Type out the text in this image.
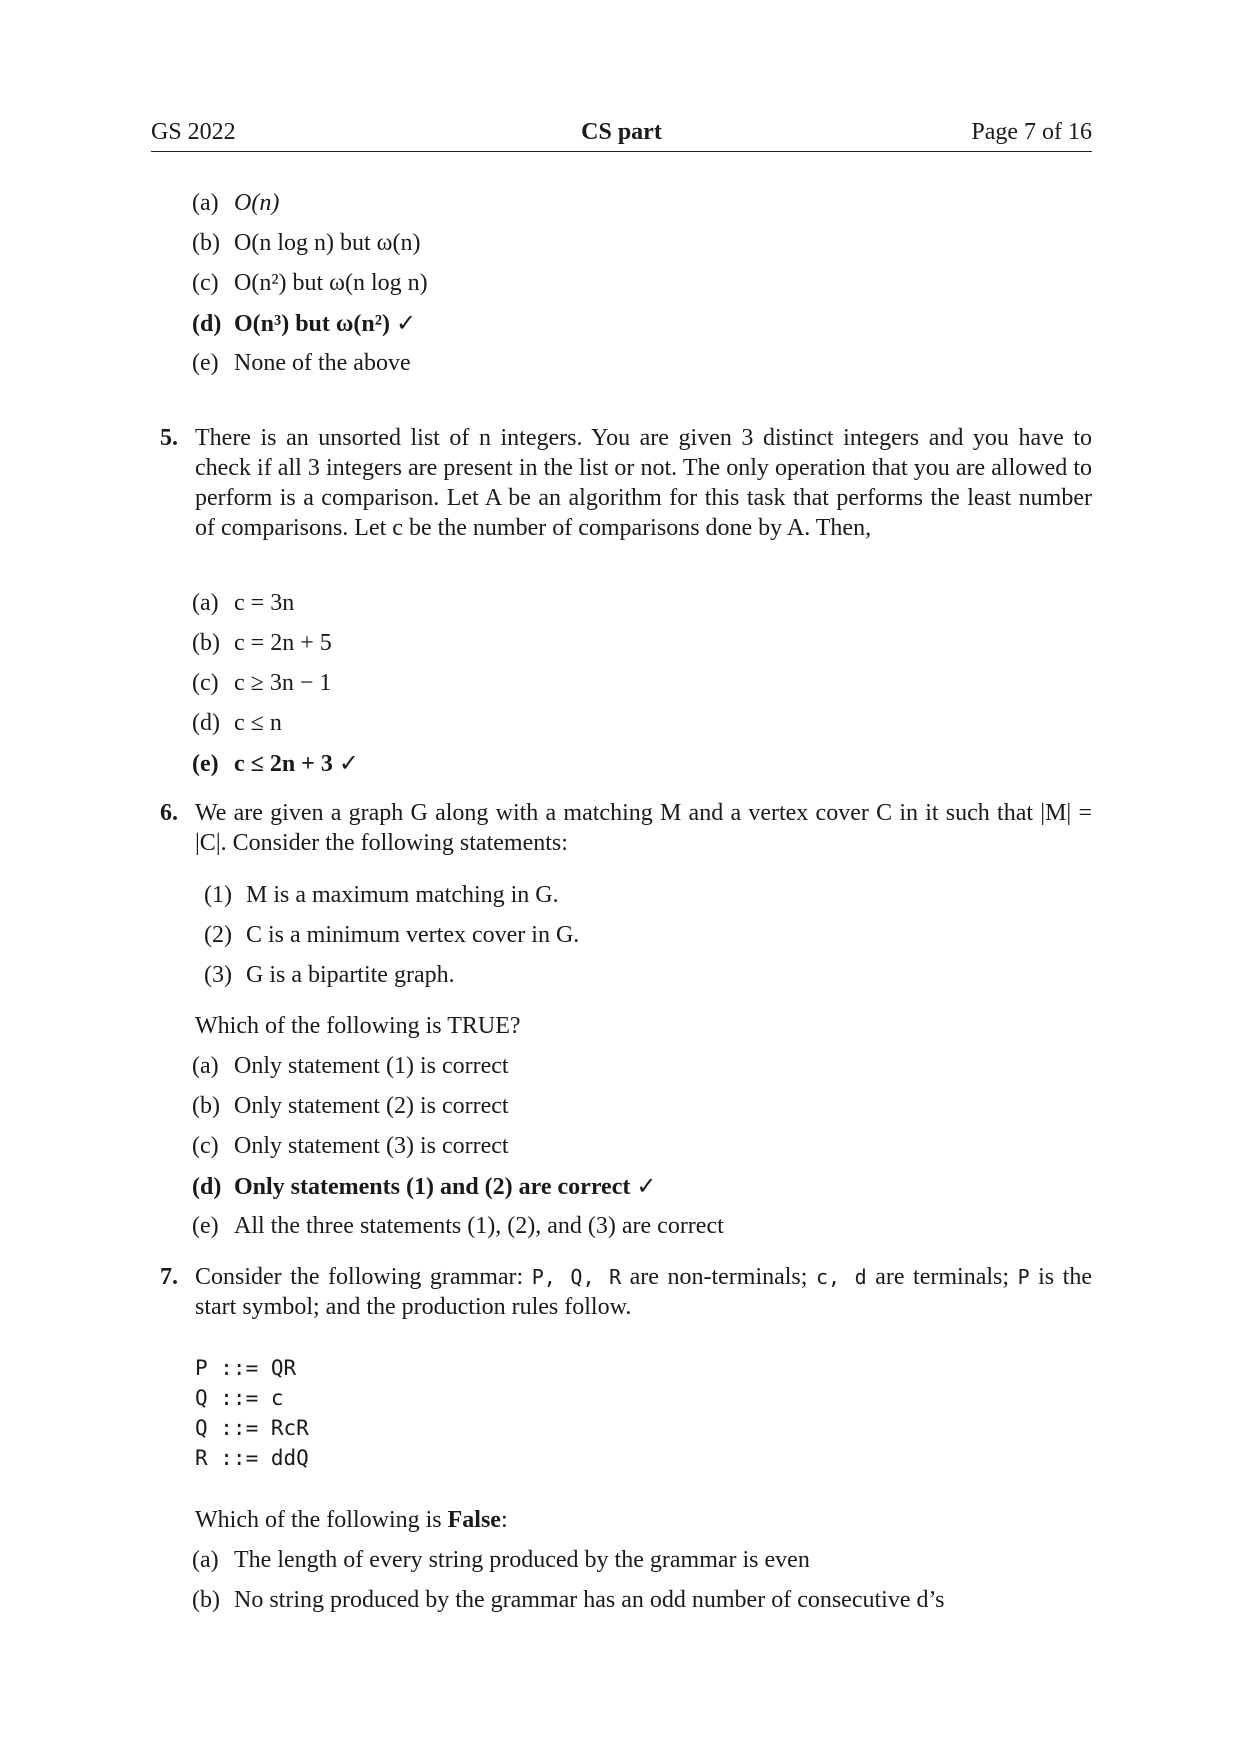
GS 2022	CS part	Page 7 of 16
(a) O(n)
(b) O(n log n) but ω(n)
(c) O(n²) but ω(n log n)
(d) O(n³) but ω(n²) ✓
(e) None of the above
5. There is an unsorted list of n integers. You are given 3 distinct integers and you have to check if all 3 integers are present in the list or not. The only operation that you are allowed to perform is a comparison. Let A be an algorithm for this task that performs the least number of comparisons. Let c be the number of comparisons done by A. Then,
(a) c = 3n
(b) c = 2n + 5
(c) c ≥ 3n − 1
(d) c ≤ n
(e) c ≤ 2n + 3 ✓
6. We are given a graph G along with a matching M and a vertex cover C in it such that |M| = |C|. Consider the following statements:
(1) M is a maximum matching in G.
(2) C is a minimum vertex cover in G.
(3) G is a bipartite graph.
Which of the following is TRUE?
(a) Only statement (1) is correct
(b) Only statement (2) is correct
(c) Only statement (3) is correct
(d) Only statements (1) and (2) are correct ✓
(e) All the three statements (1), (2), and (3) are correct
7. Consider the following grammar: P, Q, R are non-terminals; c, d are terminals; P is the start symbol; and the production rules follow.
P ::= QR
Q ::= c
Q ::= RcR
R ::= ddQ
Which of the following is False:
(a) The length of every string produced by the grammar is even
(b) No string produced by the grammar has an odd number of consecutive d’s
